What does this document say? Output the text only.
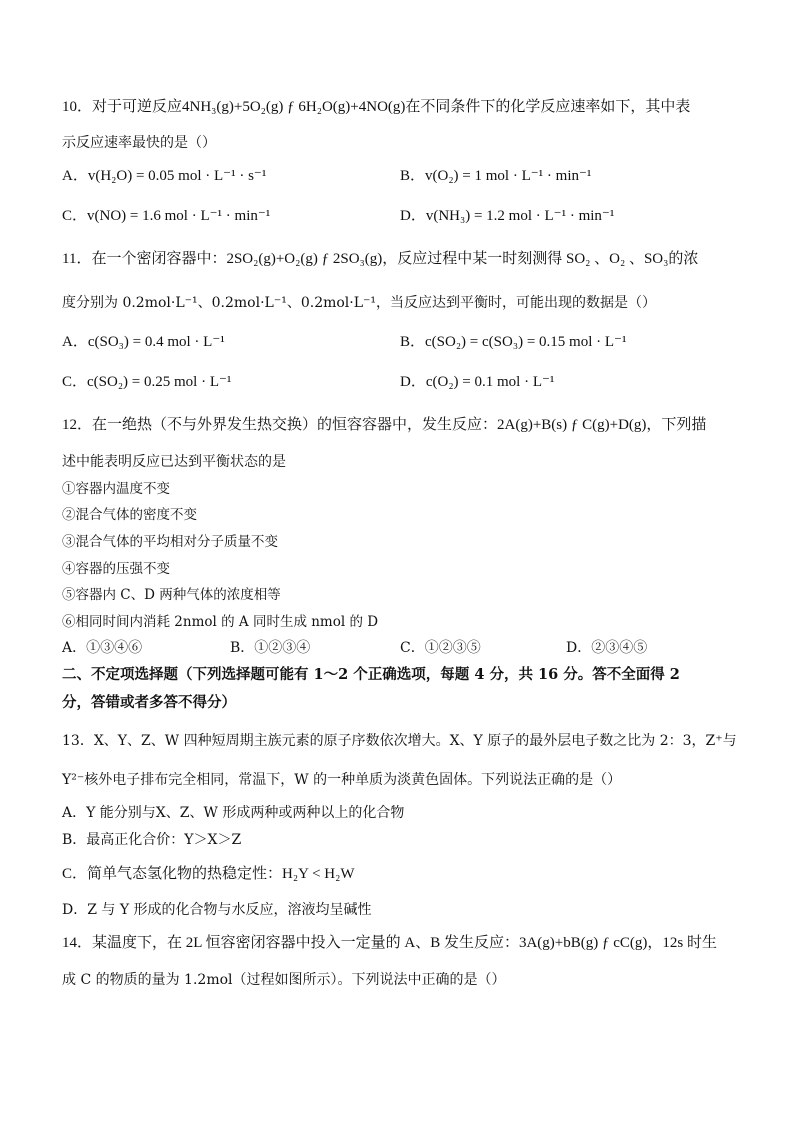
10．对于可逆反应4NH₃(g)+5O₂(g) ƒ 6H₂O(g)+4NO(g)在不同条件下的化学反应速率如下，其中表
示反应速率最快的是（）
A．v(H₂O) = 0.05 mol · L⁻¹ · s⁻¹	B．v(O₂) = 1 mol · L⁻¹ · min⁻¹
C．v(NO) = 1.6 mol · L⁻¹ · min⁻¹	D．v(NH₃) = 1.2 mol · L⁻¹ · min⁻¹
11．在一个密闭容器中：2SO₂(g)+O₂(g) ƒ 2SO₃(g)，反应过程中某一时刻测得 SO₂ 、O₂ 、SO₃的浓
度分别为 0.2mol·L⁻¹、0.2mol·L⁻¹、0.2mol·L⁻¹，当反应达到平衡时，可能出现的数据是（）
A．c(SO₃) = 0.4 mol · L⁻¹	B．c(SO₂) = c(SO₃) = 0.15 mol · L⁻¹
C．c(SO₂) = 0.25 mol · L⁻¹	D．c(O₂) = 0.1 mol · L⁻¹
12．在一绝热（不与外界发生热交换）的恒容容器中，发生反应：2A(g)+B(s) ƒ C(g)+D(g)，下列描
述中能表明反应已达到平衡状态的是
①容器内温度不变
②混合气体的密度不变
③混合气体的平均相对分子质量不变
④容器的压强不变
⑤容器内 C、D 两种气体的浓度相等
⑥相同时间内消耗 2nmol 的 A 同时生成 nmol 的 D
A．①③④⑥	B．①②③④	C．①②③⑤	D．②③④⑤
二、不定项选择题（下列选择题可能有 1～2 个正确选项，每题 4 分，共 16 分。答不全面得 2
分，答错或者多答不得分）
13．X、Y、Z、W 四种短周期主族元素的原子序数依次增大。X、Y 原子的最外层电子数之比为 2：3，Z⁺与
Y²⁻核外电子排布完全相同，常温下，W 的一种单质为淡黄色固体。下列说法正确的是（）
A．Y 能分别与X、Z、W 形成两种或两种以上的化合物
B．最高正化合价：Y＞X＞Z
C．简单气态氢化物的热稳定性：H₂Y < H₂W
D．Z 与 Y 形成的化合物与水反应，溶液均呈碱性
14．某温度下，在 2L 恒容密闭容器中投入一定量的 A、B 发生反应：3A(g)+bB(g) ƒ cC(g)，12s 时生
成 C 的物质的量为 1.2mol（过程如图所示）。下列说法中正确的是（）
